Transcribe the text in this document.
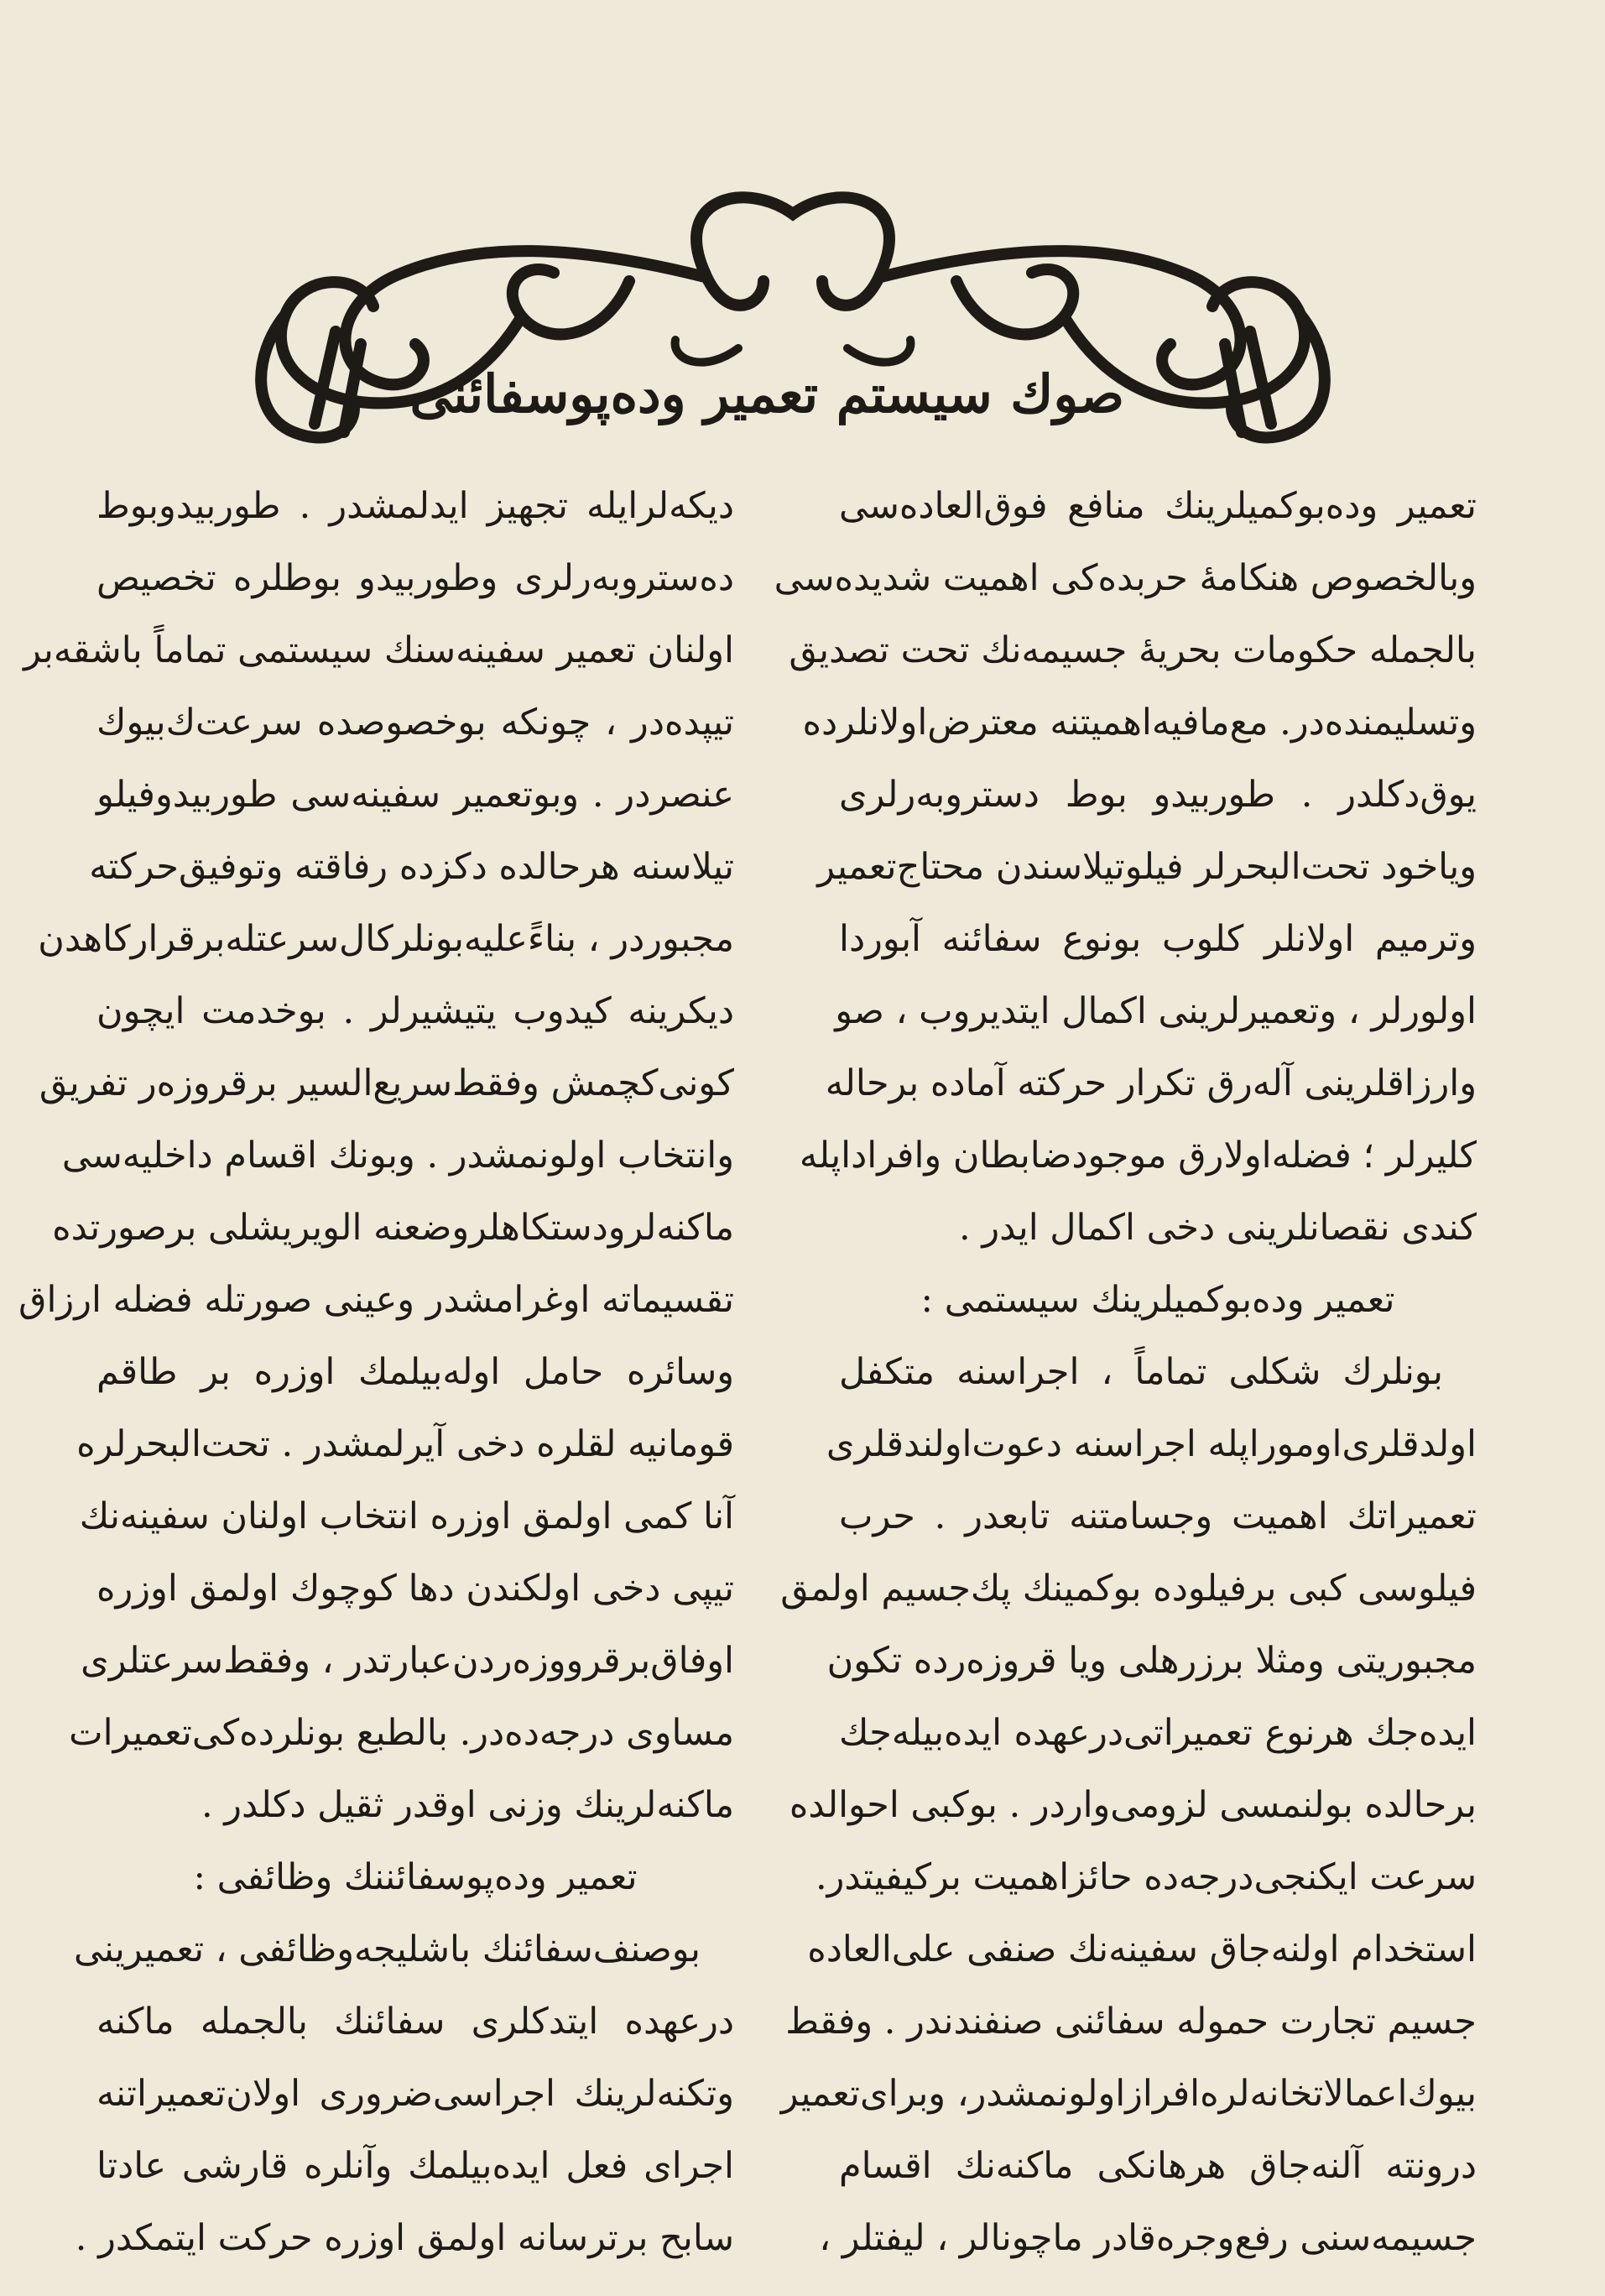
صوك سيستم تعمير ودەپوسفائنى
تعمير ودەبوكميلرينك منافع فوق‌العادەسى
وبالخصوص هنكامۀ حربدەكى اهميت شديدەسى
بالجملە حكومات بحريۀ جسيمەنك تحت تصديق
وتسليمندەدر. مع‌مافيه‌اهميتنه معترض‌اولانلردە
يوق‌دكلدر . طوربيدو بوط دستروبەرلرى
وياخود تحت‌البحرلر فيلوتيلاسندن محتاج‌تعمير
وترميم اولانلر كلوب بونوع سفائنه آبوردا
اولورلر ، وتعميرلرينى اكمال ايتديروب ، صو
وارزاقلرينى آلەرق تكرار حركتە آمادە برحالە
كليرلر ؛ فضلەاولارق موجودضابطان وافراداپلە
كندى نقصانلرينى دخى اكمال ايدر .
تعمير ودەبوكميلرينك سيستمى :
بونلرك شكلى تماماً ، اجراسنه متكفل
اولدقلرى‌اوموراپلە اجراسنه دعوت‌اولندقلرى
تعميراتك اهميت وجسامتنه تابعدر . حرب
فيلوسى كبى برفيلودە بوكمينك پك‌جسيم اولمق
مجبوريتى ومثلا برزرهلى ويا قروزەردە تكون
ايدەجك هرنوع تعميراتى‌درعهدە ايدەبيلەجك
برحالدە بولنمسى لزومى‌واردر . بوكبى احوالدە
سرعت ايكنجى‌درجەدە حائزاهميت بركيفيتدر.
استخدام اولنەجاق سفينەنك صنفى على‌العادە
جسيم تجارت حمولە سفائنى صنفندندر . وفقط
بيوك‌اعمالاتخانەلرەافرازاولونمشدر، وبراى‌تعمير
درونتە آلنەجاق هرهانكى ماكنەنك اقسام
جسيمەسنى رفع‌وجرەقادر ماچونالر ، ليفتلر ،
ديكەلرايلە تجهيز ايدلمشدر . طوربيدوبوط
دەستروبەرلرى وطوربيدو بوطلرە تخصيص
اولنان تعمير سفينەسنك سيستمى تماماً باشقەبر
تيپدەدر ، چونكە بوخصوصدە سرعت‌ك‌بيوك
عنصردر . وبوتعمير سفينەسى طوربيدوفيلو
تيلاسنە هرحالدە دكزدە رفاقتە وتوفيق‌حركتە
مجبوردر ، بناءً‌عليه‌بونلركال‌سرعتلە‌برقراركاهدن
ديكرينه كيدوب يتيشيرلر . بوخدمت ايچون
كونى‌كچمش وفقط‌سريع‌السير برقروزەر تفريق
وانتخاب اولونمشدر . وبونك اقسام داخليەسى
ماكنەلرودستكاهلروضعنە الويريشلى برصورتدە
تقسيماتە اوغرامشدر وعينى صورتلە فضلە ارزاق
وسائرە حامل اولەبيلمك اوزرە بر طاقم
قومانيە لقلرە دخى آيرلمشدر . تحت‌البحرلرە
آنا كمى اولمق اوزرە انتخاب اولنان سفينەنك
تيپى دخى اولكندن دها كوچوك اولمق اوزرە
اوفاق‌برقرووزەردن‌عبارتدر ، وفقط‌سرعتلرى
مساوى درجەدەدر. بالطبع بونلردەكى‌تعميرات
ماكنەلرينك وزنى اوقدر ثقيل دكلدر .
تعمير ودەپوسفائننك وظائفى :
بوصنف‌سفائنك باشليجەوظائفى ، تعميرينى
درعهدە ايتدكلرى سفائنك بالجملە ماكنە
وتكنەلرينك اجراسى‌ضرورى اولان‌تعميراتنه
اجراى فعل ايدەبيلمك وآنلرە قارشى عادتا
سابح برترسانە اولمق اوزرە حركت ايتمكدر .
